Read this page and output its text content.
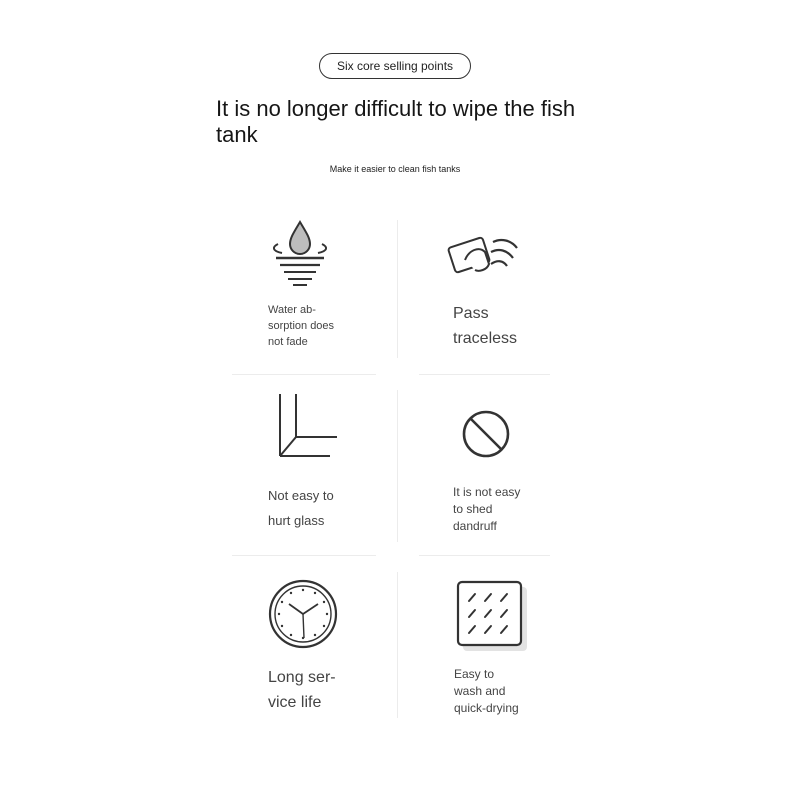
Six core selling points
It is no longer difficult to wipe the fish tank
Make it easier to clean fish tanks
Water ab-
sorption does
not fade
Pass
traceless
Not easy to
hurt glass
It is not easy
to shed
dandruff
Long ser-
vice life
Easy to
wash and
quick-drying
